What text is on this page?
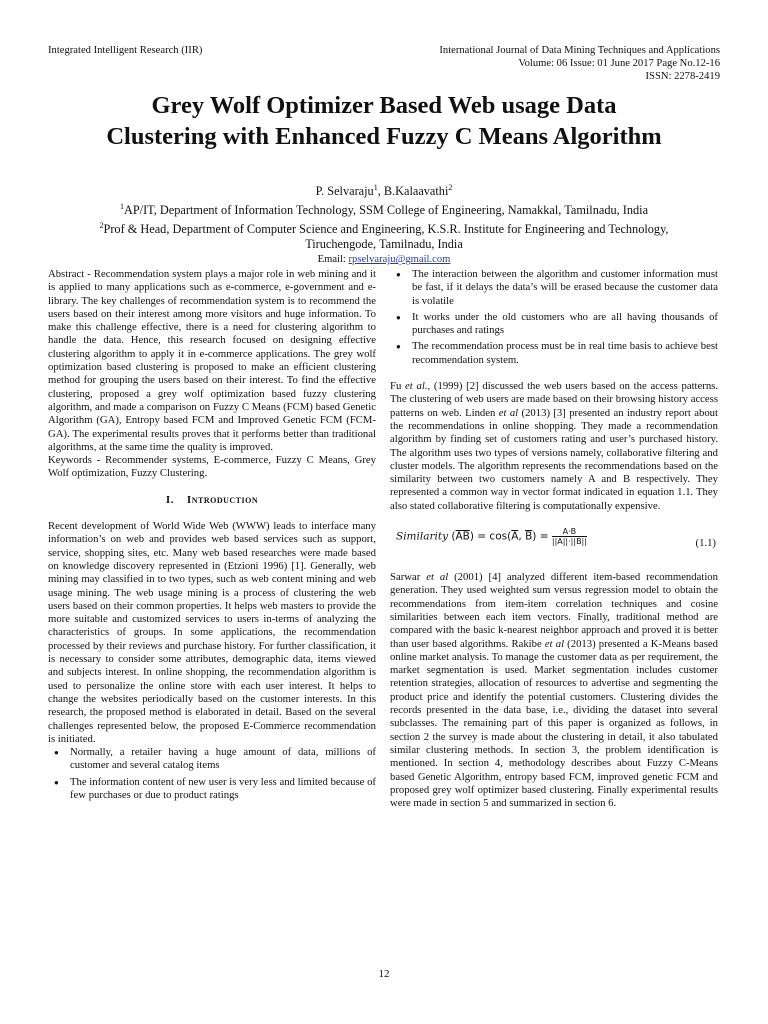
Integrated Intelligent Research (IIR)	International Journal of Data Mining Techniques and Applications
Volume: 06 Issue: 01 June 2017 Page No.12-16
ISSN: 2278-2419
Grey Wolf Optimizer Based Web usage Data
Clustering with Enhanced Fuzzy C Means Algorithm
P. Selvaraju$^1$, B.Kalaavathi$^2$
$^1$AP/IT, Department of Information Technology, SSM College of Engineering, Namakkal, Tamilnadu, India
$^2$Prof & Head, Department of Computer Science and Engineering, K.S.R. Institute for Engineering and Technology,
Tiruchengode, Tamilnadu, India
Email: rpselvaraju@gmail.com

Abstract - Recommendation system plays a major role in web mining and it is applied to many applications such as e-commerce, e-government and e-library. The key challenges of recommendation system is to recommend the users based on their interest among more visitors and huge information. To make this challenge effective, there is a need for clustering algorithm to handle the data. Hence, this research focused on designing effective clustering algorithm to apply it in e-commerce applications. The grey wolf optimization based clustering is proposed to make an efficient clustering method for grouping the users based on their interest. To find the effective clustering, proposed a grey wolf optimization based fuzzy clustering algorithm, and made a comparison on Fuzzy C Means (FCM) based Genetic Algorithm (GA), Entropy based FCM and Improved Genetic FCM (FCM-GA). The experimental results proves that it performs better than traditional algorithms, at the same time the quality is improved.

Keywords - Recommender systems, E-commerce, Fuzzy C Means, Grey Wolf optimization, Fuzzy Clustering.

I. Introduction

Recent development of World Wide Web (WWW) leads to interface many information’s on web and provides web based services such as support, service, shopping sites, etc. Many web based researches were made based on knowledge discovery represented in (Etzioni 1996) [1]. Generally, web mining may classified in to two types, such as web content mining and web usage mining. The web usage mining is a process of clustering the web users based on their common properties. It helps web masters to provide the more suitable and customized services to users in-terms of analyzing the characteristics of groups. In some applications, the recommendation processed by their reviews and purchase history. For further classification, it is necessary to consider some attributes, demographic data, items viewed and subjects interest. In online shopping, the recommendation algorithm is used to personalize the online store with each user interest. It helps to change the websites periodically based on the customer interests. In this research, the proposed method is elaborated in detail. Based on the several challenges represented below, the proposed E-Commerce recommendation is initiated.

● Normally, a retailer having a huge amount of data, millions of customer and several catalog items
● The information content of new user is very less and limited because of few purchases or due to product ratings
● The interaction between the algorithm and customer information must be fast, if it delays the data’s will be erased because the customer data is volatile
● It works under the old customers who are all having thousands of purchases and ratings
● The recommendation process must be in real time basis to achieve best recommendation system.

Fu et al., (1999) [2] discussed the web users based on the access patterns. The clustering of web users are made based on their browsing history access patterns on web. Linden et al (2013) [3] presented an industry report about the recommendations in online shopping. They made a recommendation algorithm by finding set of customers rating and user’s purchased history. The algorithm uses two types of versions namely, collaborative filtering and cluster models. The algorithm represents the recommendations based on the similarity between two customers namely A and B respectively. They represented a common way in vector format indicated in equation 1.1. They also stated collaborative filtering is computationally expensive.

Similarity $(\overline{AB}) = \cos(\overline{A}$, $\overline{B}) = \frac{A\cdot B}{||A||\cdot||B||}$	(1.1)

Sarwar et al (2001) [4] analyzed different item-based recommendation generation. They used weighted sum versus regression model to obtain the recommendations from item-item correlation techniques and cosine similarities between each item vectors. Finally, traditional method are compared with the basic k-nearest neighbor approach and proved it is better than user based algorithms. Rakibe et al (2013) presented a K-Means based online market analysis. To manage the customer data as per requirement, the market segmentation is used. Market segmentation includes customer retention strategies, allocation of resources to advertise and segmenting the product price and identify the potential customers. Clustering divides the records presented in the data base, i.e., dividing the dataset into several subclasses. The remaining part of this paper is organized as follows, in section 2 the survey is made about the clustering in detail, it also tabulated similar clustering methods. In section 3, the problem identification is mentioned. In section 4, methodology describes about Fuzzy C-Means based Genetic Algorithm, entropy based FCM, improved genetic FCM and proposed grey wolf optimizer based clustering. Finally experimental results were made in section 5 and summarized in section 6.

12
